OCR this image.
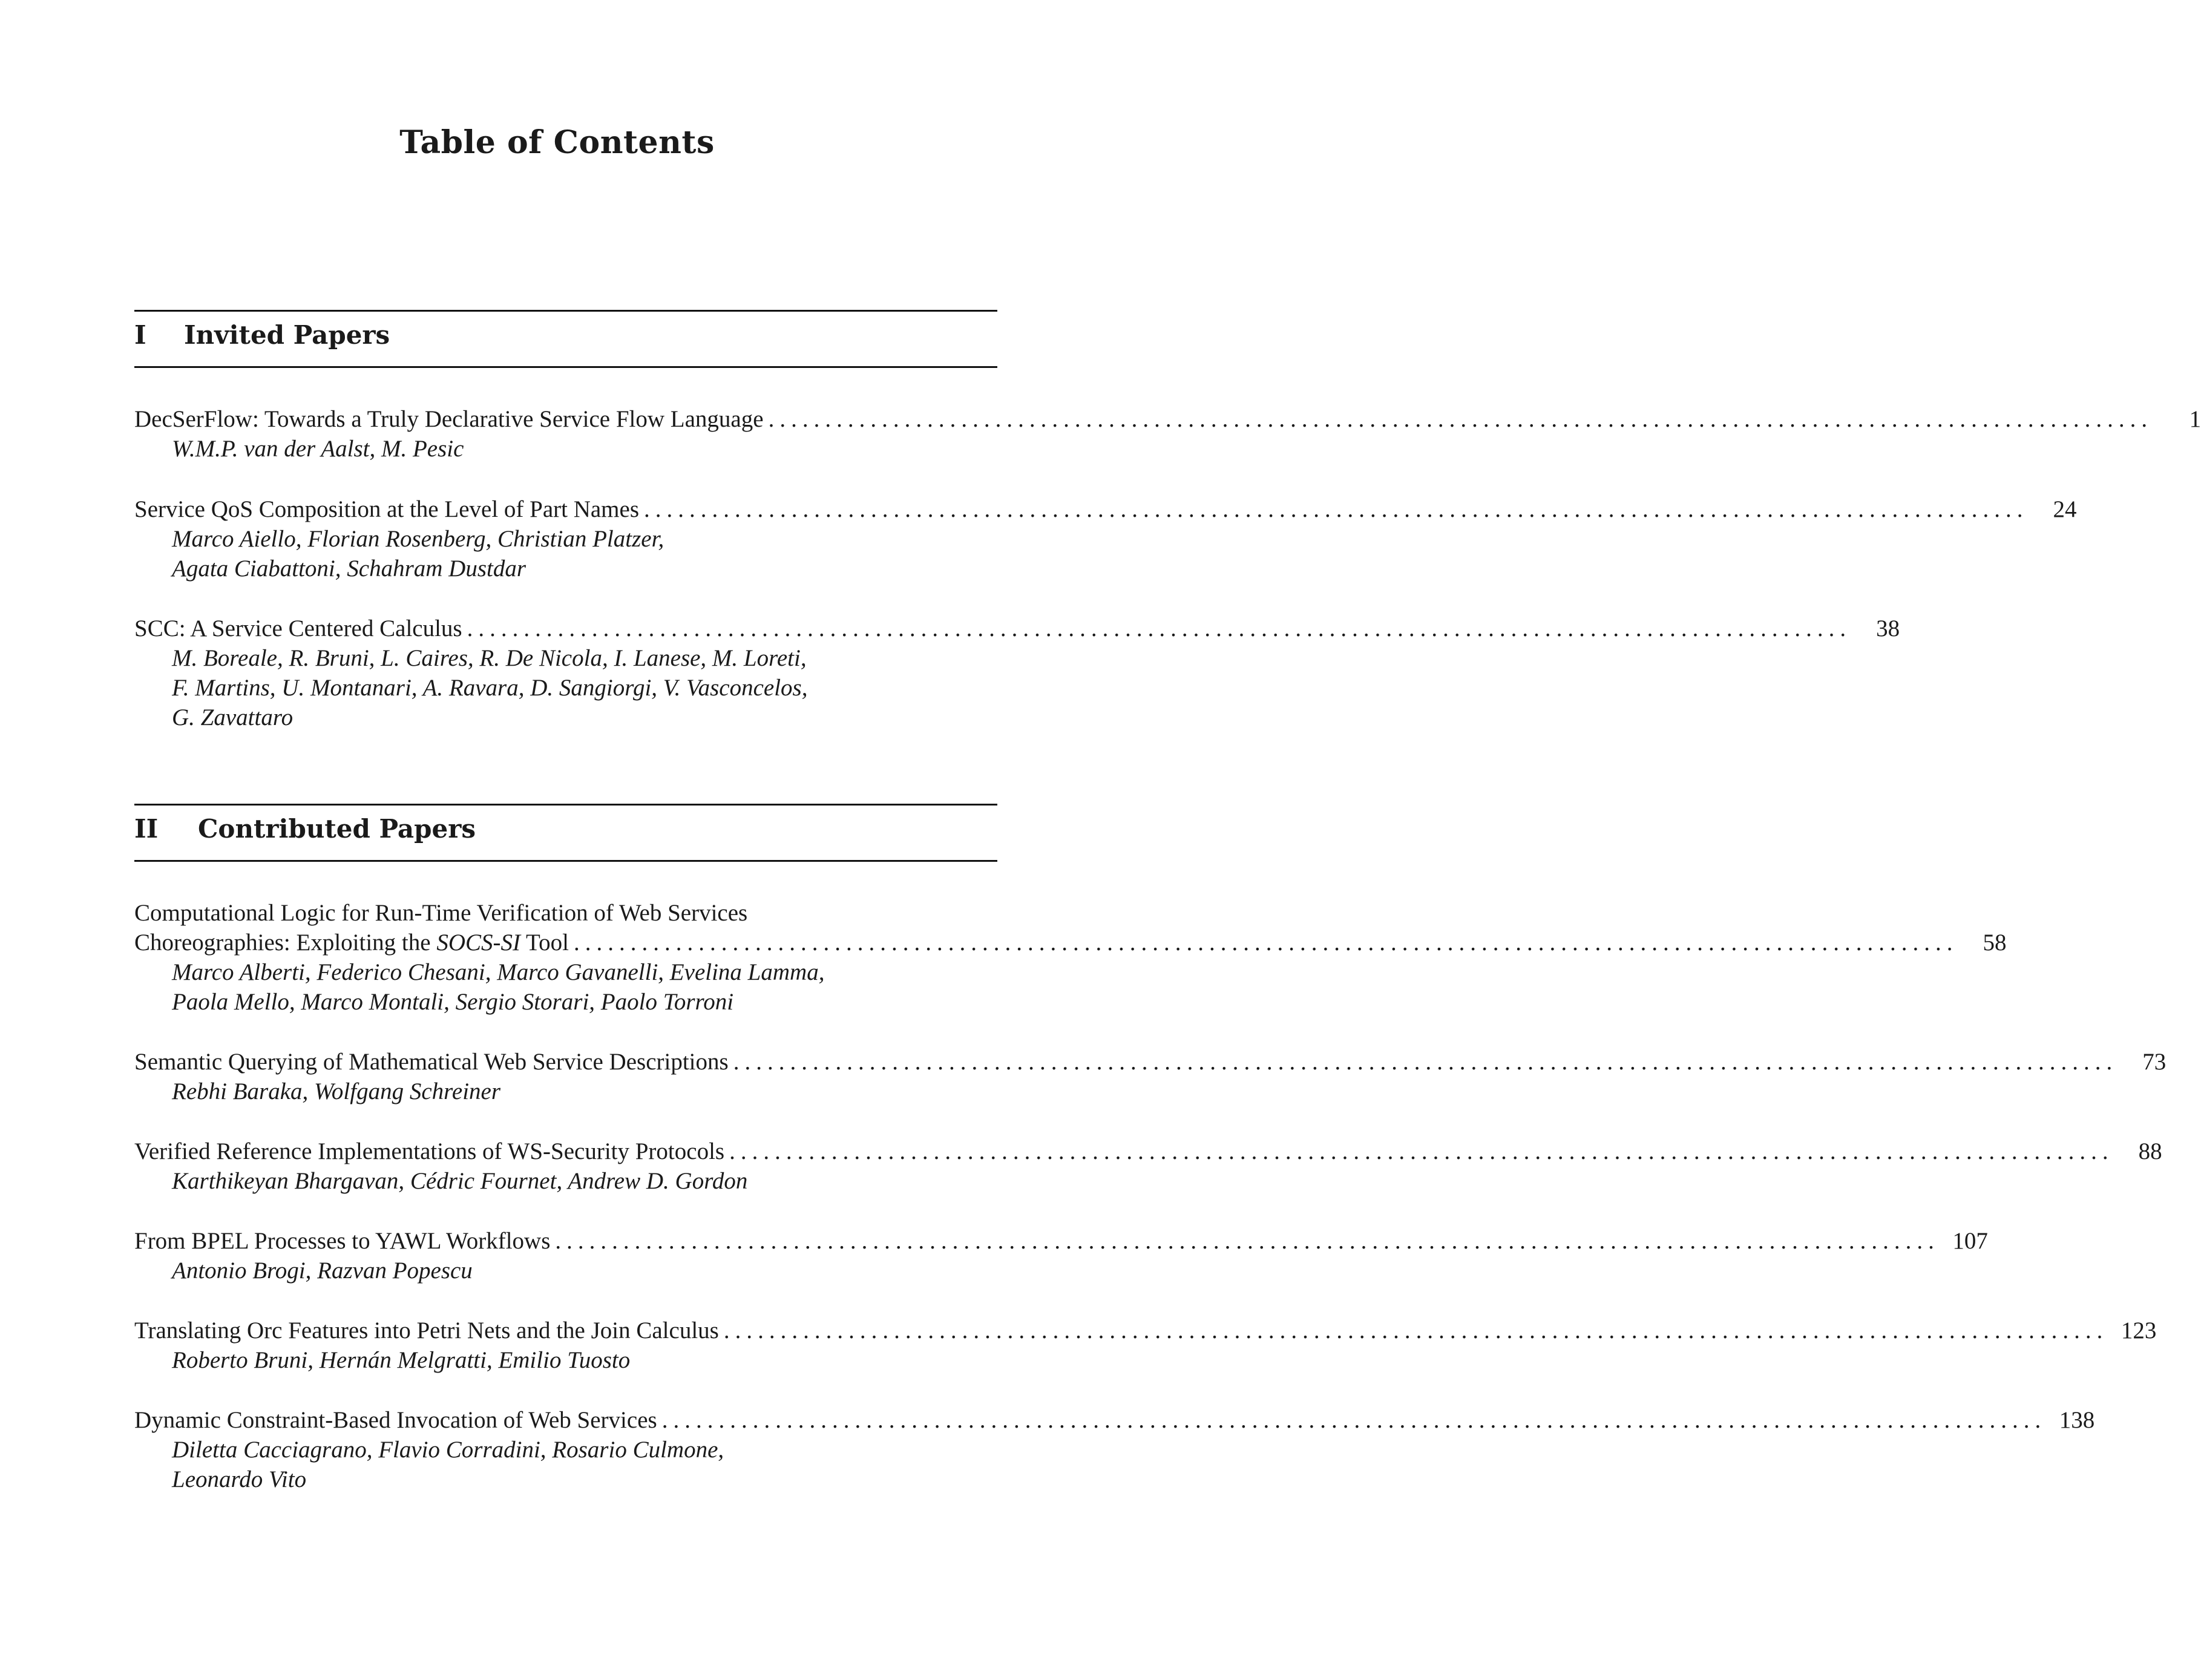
Table of Contents
I Invited Papers
DecSerFlow: Towards a Truly Declarative Service Flow Language ..........................................................................................................................	1
W.M.P. van der Aalst, M. Pesic
Service QoS Composition at the Level of Part Names ..........................................................................................................................	24
Marco Aiello, Florian Rosenberg, Christian Platzer,
Agata Ciabattoni, Schahram Dustdar
SCC: A Service Centered Calculus ..........................................................................................................................	38
M. Boreale, R. Bruni, L. Caires, R. De Nicola, I. Lanese, M. Loreti,
F. Martins, U. Montanari, A. Ravara, D. Sangiorgi, V. Vasconcelos,
G. Zavattaro
II Contributed Papers
Computational Logic for Run-Time Verification of Web Services
Choreographies: Exploiting the SOCS-SI Tool ..........................................................................................................................	58
Marco Alberti, Federico Chesani, Marco Gavanelli, Evelina Lamma,
Paola Mello, Marco Montali, Sergio Storari, Paolo Torroni
Semantic Querying of Mathematical Web Service Descriptions ..........................................................................................................................	73
Rebhi Baraka, Wolfgang Schreiner
Verified Reference Implementations of WS-Security Protocols ..........................................................................................................................	88
Karthikeyan Bhargavan, Cédric Fournet, Andrew D. Gordon
From BPEL Processes to YAWL Workflows .......................................................................................................................... 107
Antonio Brogi, Razvan Popescu
Translating Orc Features into Petri Nets and the Join Calculus .......................................................................................................................... 123
Roberto Bruni, Hernán Melgratti, Emilio Tuosto
Dynamic Constraint-Based Invocation of Web Services .......................................................................................................................... 138
Diletta Cacciagrano, Flavio Corradini, Rosario Culmone,
Leonardo Vito
